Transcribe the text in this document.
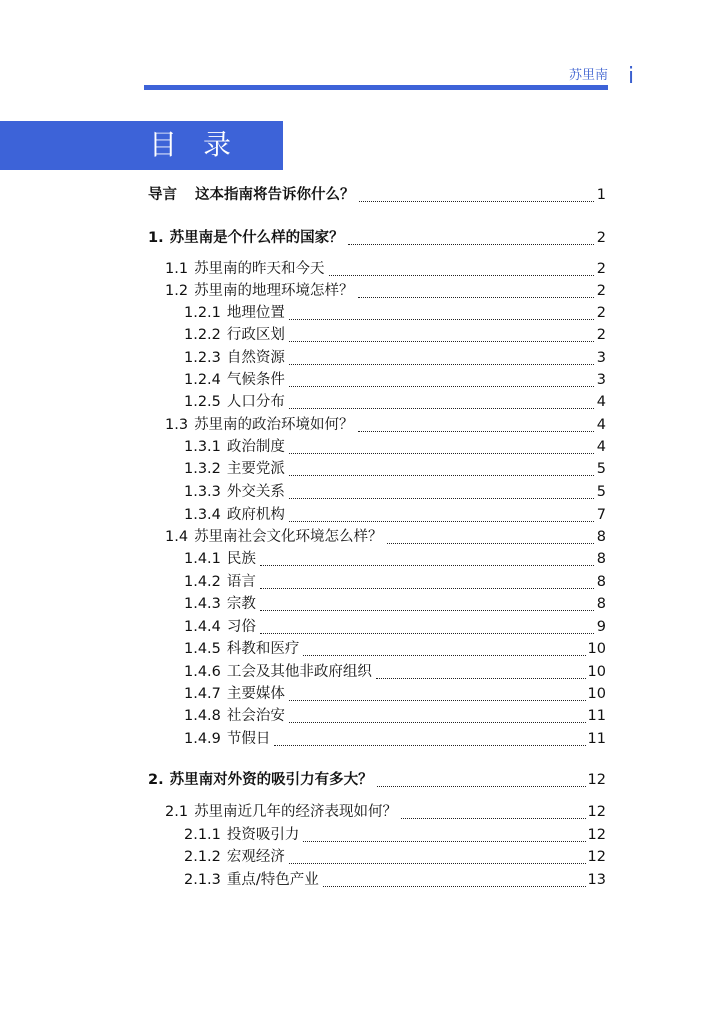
苏里南 i
目录
导言 这本指南将告诉你什么？	1
1. 苏里南是个什么样的国家？	2
1.1 苏里南的昨天和今天	2
1.2 苏里南的地理环境怎样？	2
1.2.1 地理位置	2
1.2.2 行政区划	2
1.2.3 自然资源	3
1.2.4 气候条件	3
1.2.5 人口分布	4
1.3 苏里南的政治环境如何？	4
1.3.1 政治制度	4
1.3.2 主要党派	5
1.3.3 外交关系	5
1.3.4 政府机构	7
1.4 苏里南社会文化环境怎么样？	8
1.4.1 民族	8
1.4.2 语言	8
1.4.3 宗教	8
1.4.4 习俗	9
1.4.5 科教和医疗	10
1.4.6 工会及其他非政府组织	10
1.4.7 主要媒体	10
1.4.8 社会治安	11
1.4.9 节假日	11
2. 苏里南对外资的吸引力有多大？	12
2.1 苏里南近几年的经济表现如何？	12
2.1.1 投资吸引力	12
2.1.2 宏观经济	12
2.1.3 重点/特色产业	13
